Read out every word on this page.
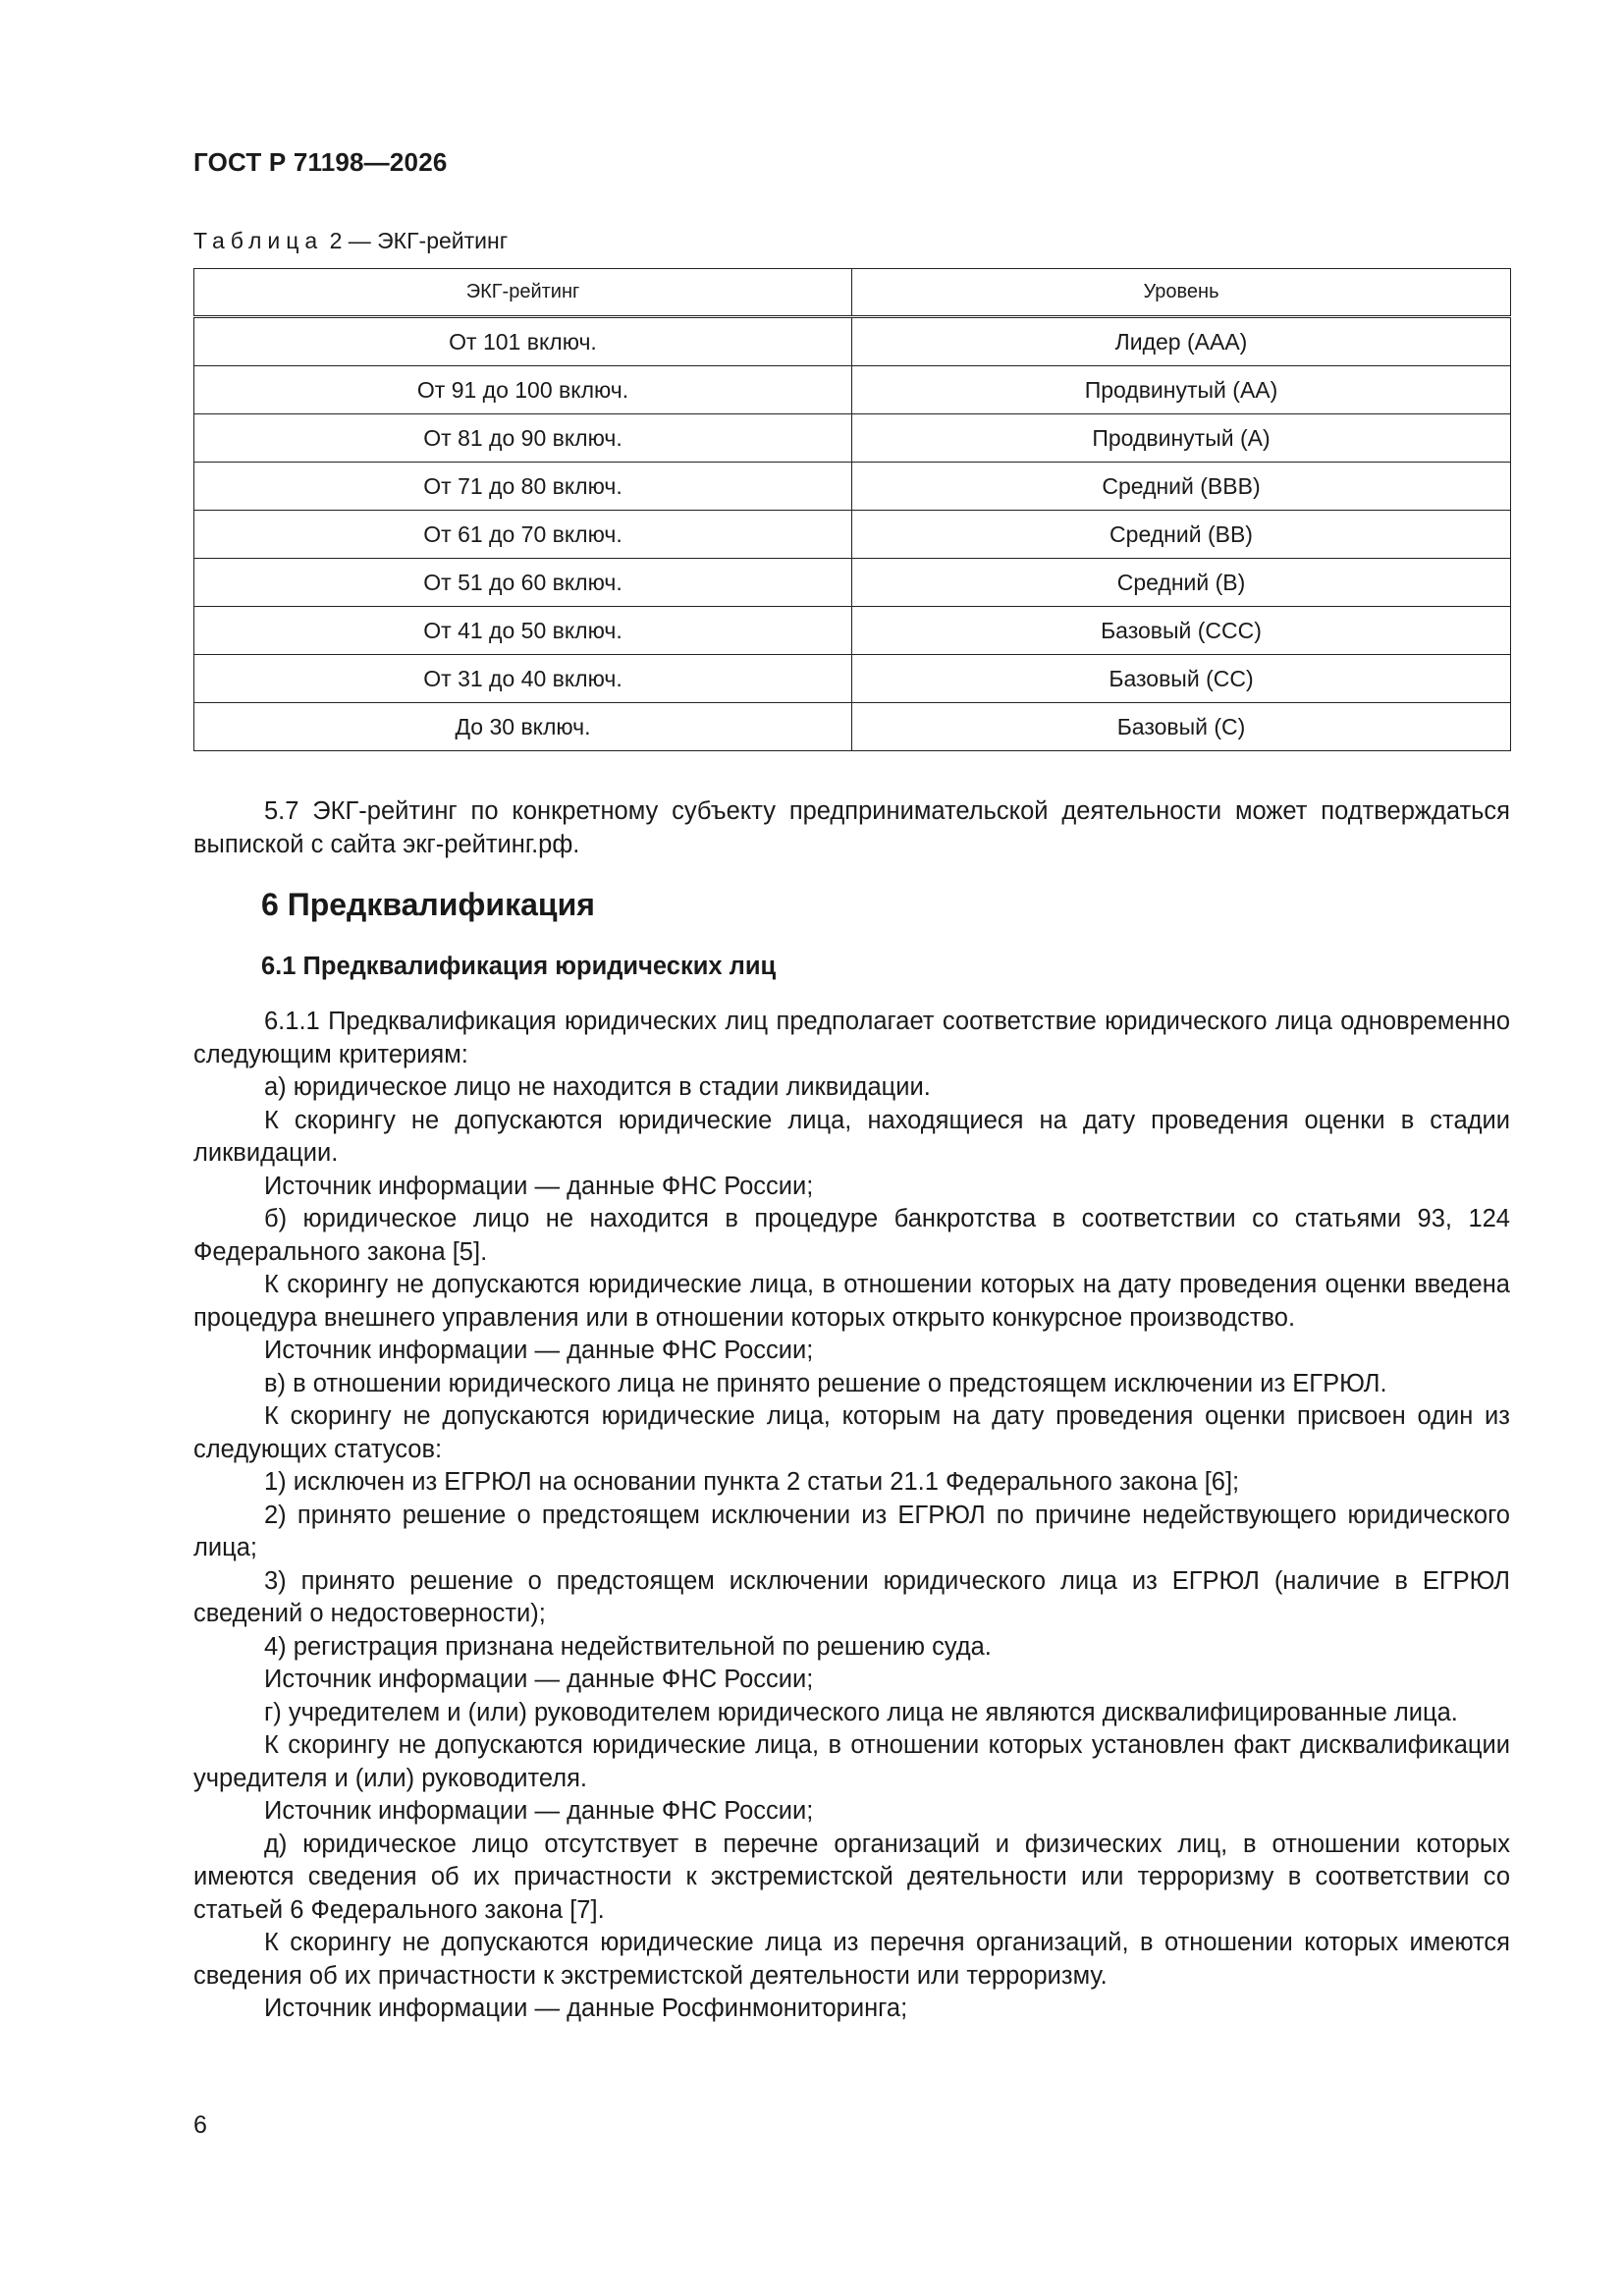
ГОСТ Р 71198—2026
Таблица 2 — ЭКГ-рейтинг
ЭКГ-рейтинг	Уровень
От 101 включ.	Лидер (ААА)
От 91 до 100 включ.	Продвинутый (АА)
От 81 до 90 включ.	Продвинутый (А)
От 71 до 80 включ.	Средний (ВВВ)
От 61 до 70 включ.	Средний (ВВ)
От 51 до 60 включ.	Средний (В)
От 41 до 50 включ.	Базовый (ССС)
От 31 до 40 включ.	Базовый (СС)
До 30 включ.	Базовый (С)

5.7 ЭКГ-рейтинг по конкретному субъекту предпринимательской деятельности может подтверждаться выпиской с сайта экг-рейтинг.рф.

6 Предквалификация
6.1 Предквалификация юридических лиц

6.1.1 Предквалификация юридических лиц предполагает соответствие юридического лица одновременно следующим критериям:

а) юридическое лицо не находится в стадии ликвидации.

К скорингу не допускаются юридические лица, находящиеся на дату проведения оценки в стадии ликвидации.

Источник информации — данные ФНС России;

б) юридическое лицо не находится в процедуре банкротства в соответствии со статьями 93, 124 Федерального закона [5].

К скорингу не допускаются юридические лица, в отношении которых на дату проведения оценки введена процедура внешнего управления или в отношении которых открыто конкурсное производство.

Источник информации — данные ФНС России;

в) в отношении юридического лица не принято решение о предстоящем исключении из ЕГРЮЛ.

К скорингу не допускаются юридические лица, которым на дату проведения оценки присвоен один из следующих статусов:

1) исключен из ЕГРЮЛ на основании пункта 2 статьи 21.1 Федерального закона [6];

2) принято решение о предстоящем исключении из ЕГРЮЛ по причине недействующего юридического лица;

3) принято решение о предстоящем исключении юридического лица из ЕГРЮЛ (наличие в ЕГРЮЛ сведений о недостоверности);

4) регистрация признана недействительной по решению суда.

Источник информации — данные ФНС России;

г) учредителем и (или) руководителем юридического лица не являются дисквалифицированные лица.

К скорингу не допускаются юридические лица, в отношении которых установлен факт дисквалификации учредителя и (или) руководителя.

Источник информации — данные ФНС России;

д) юридическое лицо отсутствует в перечне организаций и физических лиц, в отношении которых имеются сведения об их причастности к экстремистской деятельности или терроризму в соответствии со статьей 6 Федерального закона [7].

К скорингу не допускаются юридические лица из перечня организаций, в отношении которых имеются сведения об их причастности к экстремистской деятельности или терроризму.

Источник информации — данные Росфинмониторинга;

6
